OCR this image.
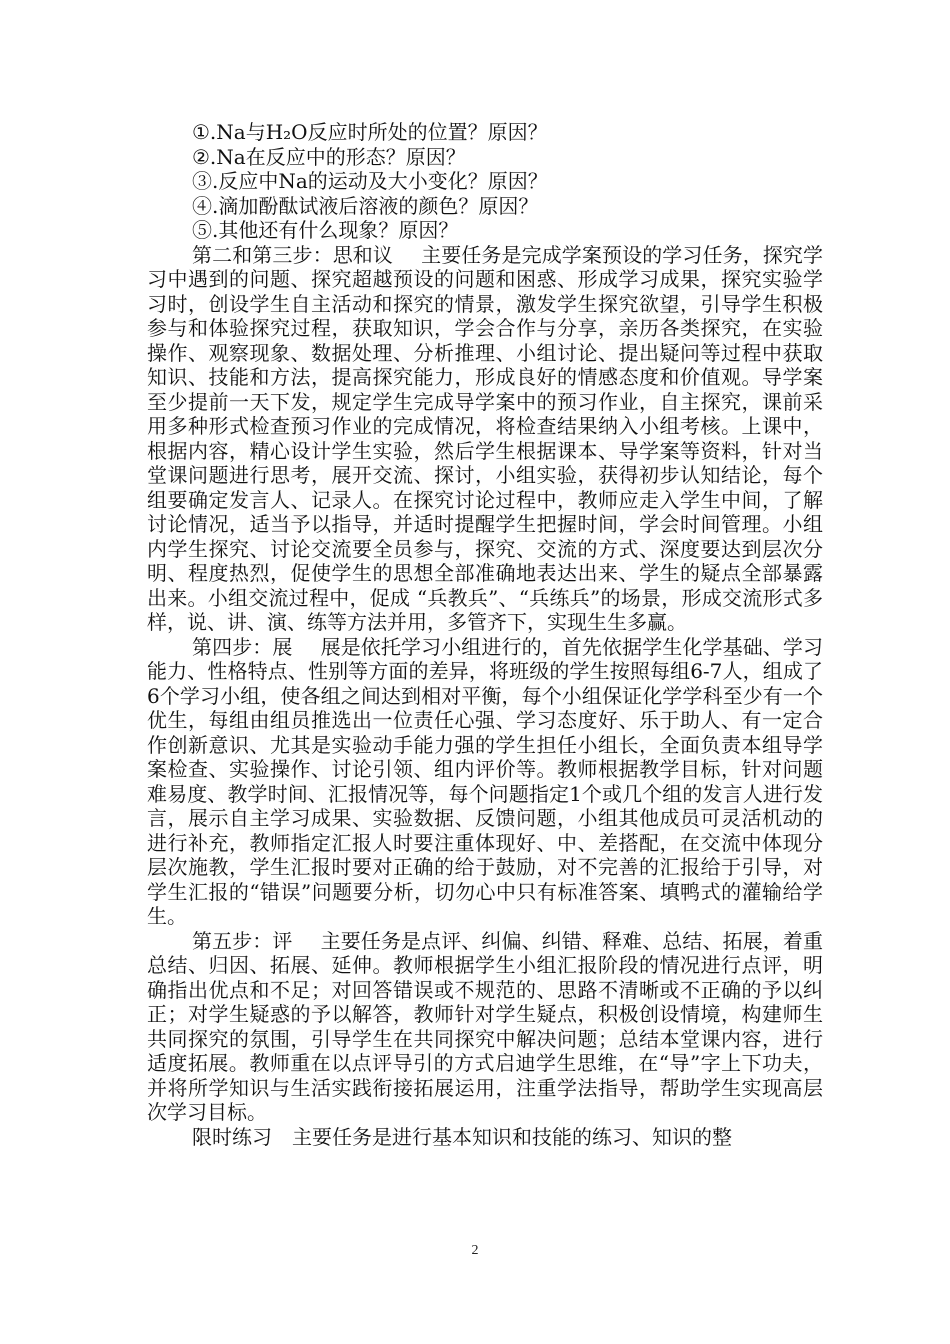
①.Na与H₂O反应时所处的位置？原因？
②.Na在反应中的形态？原因？
③.反应中Na的运动及大小变化？原因？
④.滴加酚酞试液后溶液的颜色？原因？
⑤.其他还有什么现象？原因？

第二和第三步：思和议 主要任务是完成学案预设的学习任务，探究学习中遇到的问题、探究超越预设的问题和困惑、形成学习成果，探究实验学习时，创设学生自主活动和探究的情景，激发学生探究欲望，引导学生积极参与和体验探究过程，获取知识，学会合作与分享，亲历各类探究，在实验操作、观察现象、数据处理、分析推理、小组讨论、提出疑问等过程中获取知识、技能和方法，提高探究能力，形成良好的情感态度和价值观。导学案至少提前一天下发，规定学生完成导学案中的预习作业，自主探究，课前采用多种形式检查预习作业的完成情况，将检查结果纳入小组考核。上课中，根据内容，精心设计学生实验，然后学生根据课本、导学案等资料，针对当堂课问题进行思考，展开交流、探讨，小组实验，获得初步认知结论，每个组要确定发言人、记录人。在探究讨论过程中，教师应走入学生中间，了解讨论情况，适当予以指导，并适时提醒学生把握时间，学会时间管理。小组内学生探究、讨论交流要全员参与，探究、交流的方式、深度要达到层次分明、程度热烈，促使学生的思想全部准确地表达出来、学生的疑点全部暴露出来。小组交流过程中，促成 “兵教兵”、“兵练兵”的场景，形成交流形式多样，说、讲、演、练等方法并用，多管齐下，实现生生多赢。

第四步：展 展是依托学习小组进行的，首先依据学生化学基础、学习能力、性格特点、性别等方面的差异，将班级的学生按照每组6-7人，组成了6个学习小组，使各组之间达到相对平衡，每个小组保证化学学科至少有一个优生，每组由组员推选出一位责任心强、学习态度好、乐于助人、有一定合作创新意识、尤其是实验动手能力强的学生担任小组长，全面负责本组导学案检查、实验操作、讨论引领、组内评价等。教师根据教学目标，针对问题难易度、教学时间、汇报情况等，每个问题指定1个或几个组的发言人进行发言，展示自主学习成果、实验数据、反馈问题，小组其他成员可灵活机动的进行补充，教师指定汇报人时要注重体现好、中、差搭配，在交流中体现分层次施教，学生汇报时要对正确的给于鼓励，对不完善的汇报给于引导，对学生汇报的“错误”问题要分析，切勿心中只有标准答案、填鸭式的灌输给学生。

第五步：评 主要任务是点评、纠偏、纠错、释难、总结、拓展，着重总结、归因、拓展、延伸。教师根据学生小组汇报阶段的情况进行点评，明确指出优点和不足；对回答错误或不规范的、思路不清晰或不正确的予以纠正；对学生疑惑的予以解答，教师针对学生疑点，积极创设情境，构建师生共同探究的氛围，引导学生在共同探究中解决问题；总结本堂课内容，进行适度拓展。教师重在以点评导引的方式启迪学生思维，在“导”字上下功夫，并将所学知识与生活实践衔接拓展运用，注重学法指导，帮助学生实现高层次学习目标。

限时练习 主要任务是进行基本知识和技能的练习、知识的整

2
